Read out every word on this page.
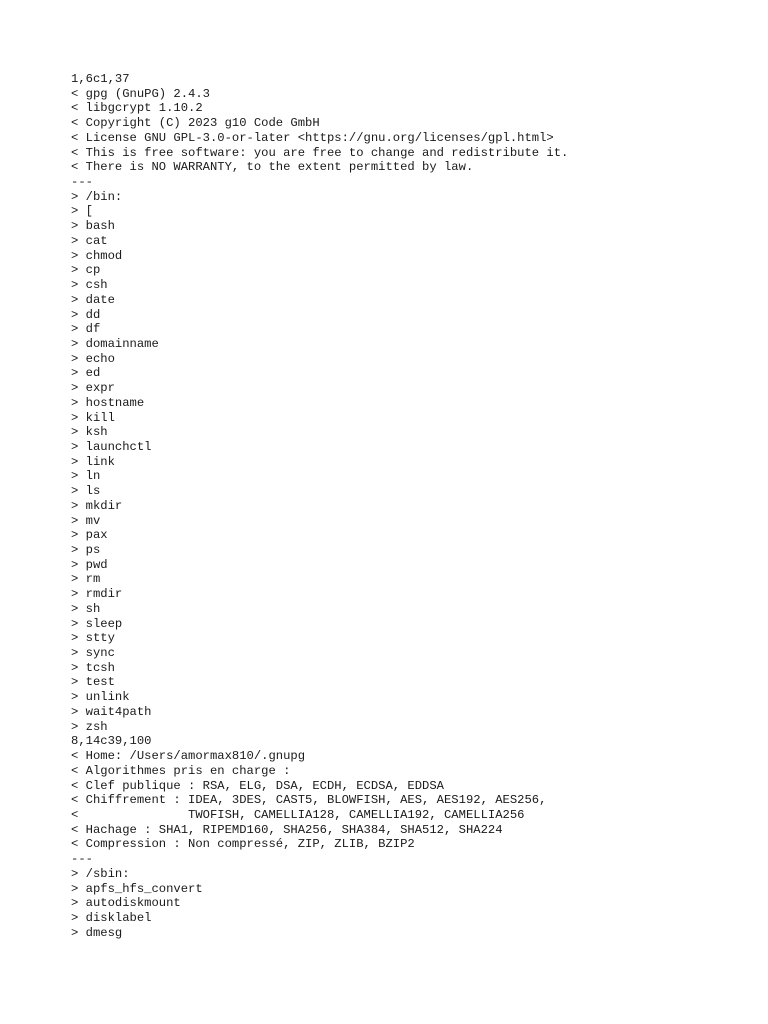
1,6c1,37
< gpg (GnuPG) 2.4.3
< libgcrypt 1.10.2
< Copyright (C) 2023 g10 Code GmbH
< License GNU GPL-3.0-or-later <https://gnu.org/licenses/gpl.html>
< This is free software: you are free to change and redistribute it.
< There is NO WARRANTY, to the extent permitted by law.
---
> /bin:
> [
> bash
> cat
> chmod
> cp
> csh
> date
> dd
> df
> domainname
> echo
> ed
> expr
> hostname
> kill
> ksh
> launchctl
> link
> ln
> ls
> mkdir
> mv
> pax
> ps
> pwd
> rm
> rmdir
> sh
> sleep
> stty
> sync
> tcsh
> test
> unlink
> wait4path
> zsh
8,14c39,100
< Home: /Users/amormax810/.gnupg
< Algorithmes pris en charge :
< Clef publique : RSA, ELG, DSA, ECDH, ECDSA, EDDSA
< Chiffrement : IDEA, 3DES, CAST5, BLOWFISH, AES, AES192, AES256,
<               TWOFISH, CAMELLIA128, CAMELLIA192, CAMELLIA256
< Hachage : SHA1, RIPEMD160, SHA256, SHA384, SHA512, SHA224
< Compression : Non compressé, ZIP, ZLIB, BZIP2
---
> /sbin:
> apfs_hfs_convert
> autodiskmount
> disklabel
> dmesg
